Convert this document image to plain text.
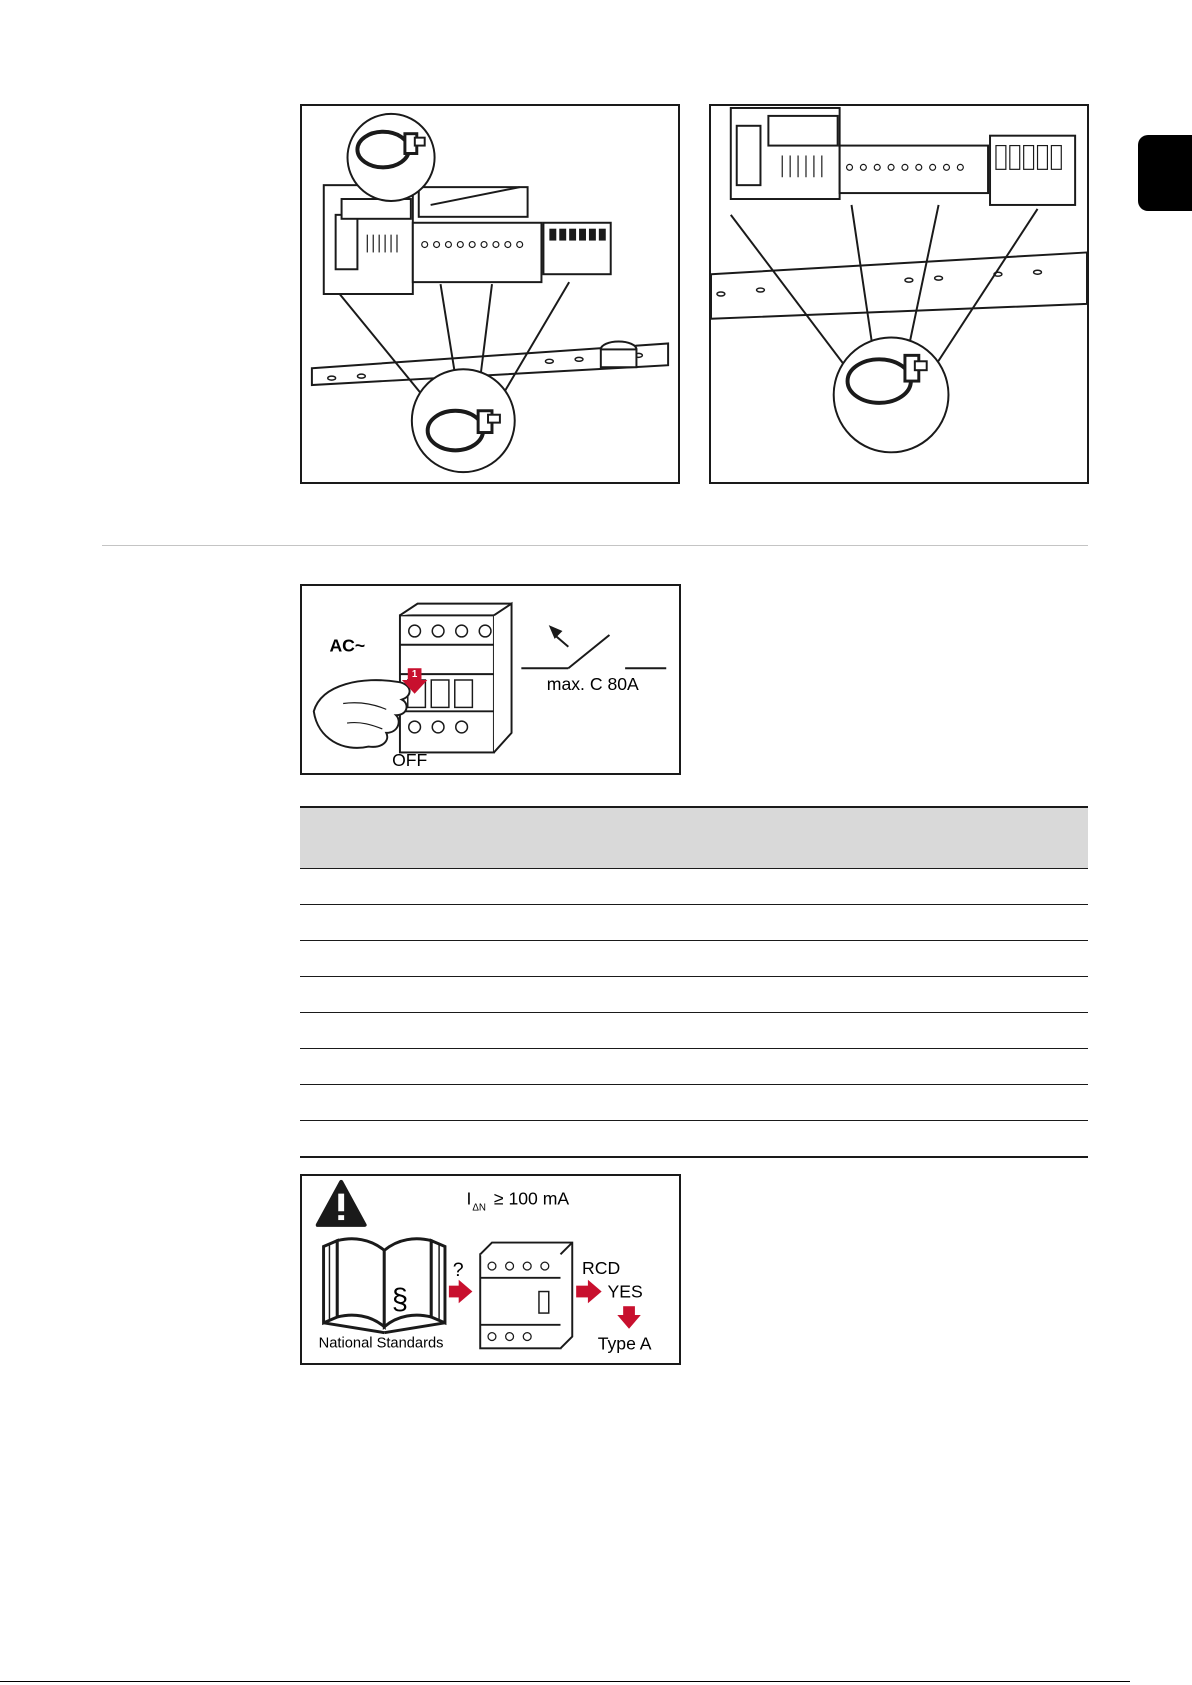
1
AC~
OFF
max. C 80A
I ΔN ≥ 100 mA
§
National Standards
?	RCD
YES
Type A
